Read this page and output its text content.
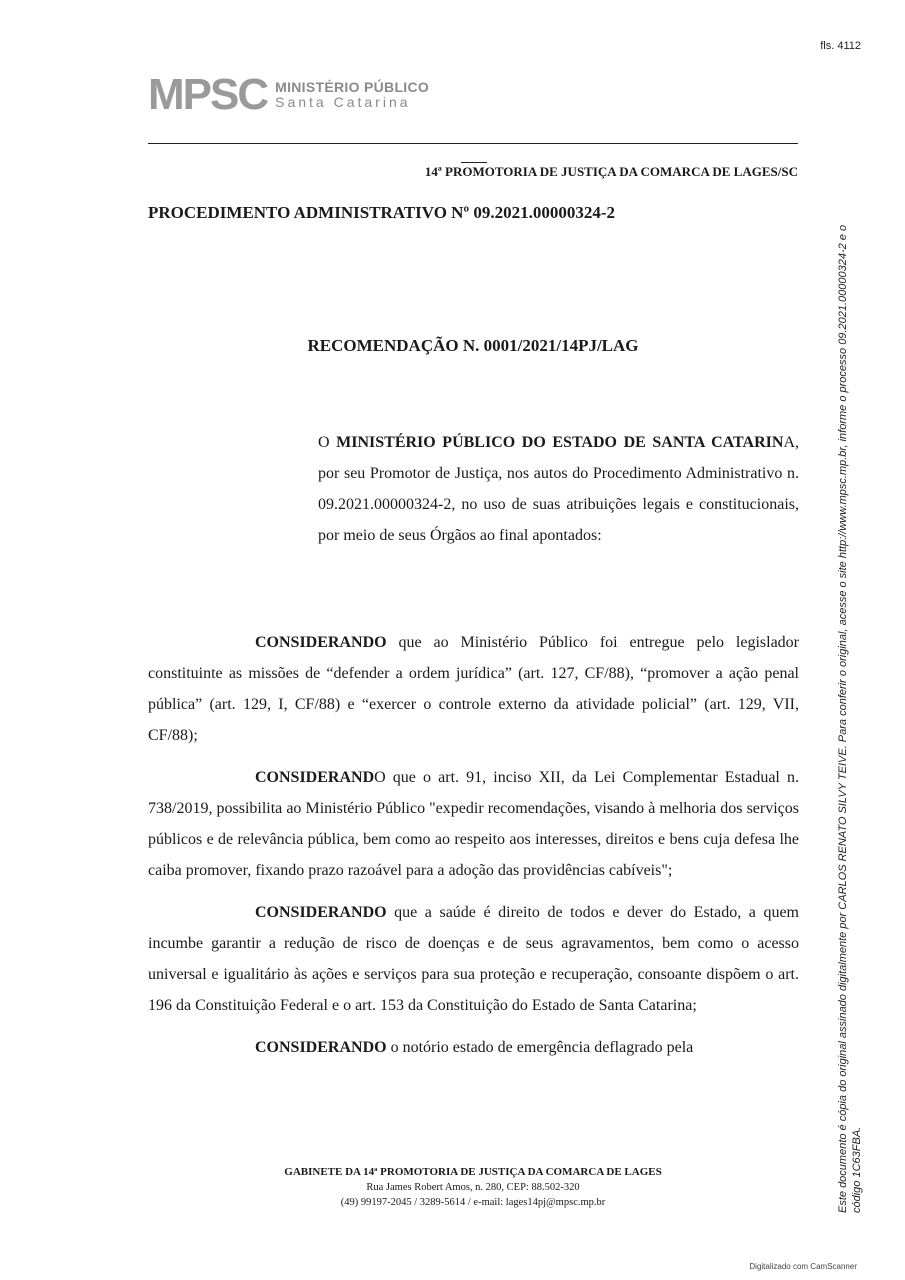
fls. 4112
MPSC MINISTÉRIO PÚBLICO
Santa Catarina
14ª PROMOTORIA DE JUSTIÇA DA COMARCA DE LAGES/SC
PROCEDIMENTO ADMINISTRATIVO Nº 09.2021.00000324-2
RECOMENDAÇÃO N. 0001/2021/14PJ/LAG
O MINISTÉRIO PÚBLICO DO ESTADO DE SANTA CATARINA, por seu Promotor de Justiça, nos autos do Procedimento Administrativo n. 09.2021.00000324-2, no uso de suas atribuições legais e constitucionais, por meio de seus Órgãos ao final apontados:

CONSIDERANDO que ao Ministério Público foi entregue pelo legislador constituinte as missões de “defender a ordem jurídica” (art. 127, CF/88), “promover a ação penal pública” (art. 129, I, CF/88) e “exercer o controle externo da atividade policial” (art. 129, VII, CF/88);

CONSIDERANDO que o art. 91, inciso XII, da Lei Complementar Estadual n. 738/2019, possibilita ao Ministério Público "expedir recomendações, visando à melhoria dos serviços públicos e de relevância pública, bem como ao respeito aos interesses, direitos e bens cuja defesa lhe caiba promover, fixando prazo razoável para a adoção das providências cabíveis";

CONSIDERANDO que a saúde é direito de todos e dever do Estado, a quem incumbe garantir a redução de risco de doenças e de seus agravamentos, bem como o acesso universal e igualitário às ações e serviços para sua proteção e recuperação, consoante dispõem o art. 196 da Constituição Federal e o art. 153 da Constituição do Estado de Santa Catarina;

CONSIDERANDO o notório estado de emergência deflagrado pela

GABINETE DA 14ª PROMOTORIA DE JUSTIÇA DA COMARCA DE LAGES
Rua James Robert Amos, n. 280, CEP: 88.502-320
(49) 99197-2045 / 3289-5614 / e-mail: lages14pj@mpsc.mp.br	Este documento é cópia do original assinado digitalmente por CARLOS RENATO SILVY TEIVE. Para conferir o original, acesse o site http://www.mpsc.mp.br, informe o processo 09.2021.00000324-2 e o código 1C63FBA.
Digitalizado com CamScanner
